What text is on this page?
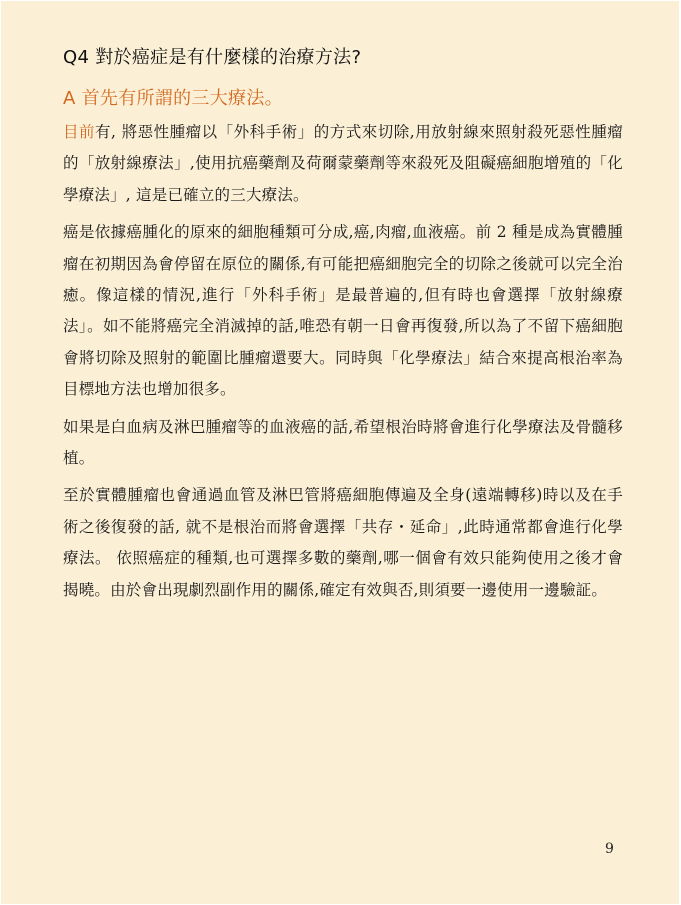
Q4 對於癌症是有什麼樣的治療方法?
A 首先有所謂的三大療法。

目前有, 將惡性腫瘤以「外科手術」的方式來切除,用放射線來照射殺死惡性腫瘤的「放射線療法」,使用抗癌藥劑及荷爾蒙藥劑等來殺死及阻礙癌細胞增殖的「化學療法」, 這是已確立的三大療法。

癌是依據癌腫化的原來的細胞種類可分成,癌,肉瘤,血液癌。前 2 種是成為實體腫瘤在初期因為會停留在原位的關係,有可能把癌細胞完全的切除之後就可以完全治癒。像這樣的情況,進行「外科手術」是最普遍的,但有時也會選擇「放射線療法」。如不能將癌完全消滅掉的話,唯恐有朝一日會再復發,所以為了不留下癌細胞會將切除及照射的範圍比腫瘤還要大。同時與「化學療法」結合來提高根治率為目標地方法也增加很多。

如果是白血病及淋巴腫瘤等的血液癌的話,希望根治時將會進行化學療法及骨髓移植。

至於實體腫瘤也會通過血管及淋巴管將癌細胞傳遍及全身(遠端轉移)時以及在手術之後復發的話, 就不是根治而將會選擇「共存・延命」,此時通常都會進行化學療法。 依照癌症的種類,也可選擇多數的藥劑,哪一個會有效只能夠使用之後才會揭曉。由於會出現劇烈副作用的關係,確定有效與否,則須要一邊使用一邊驗証。

9
